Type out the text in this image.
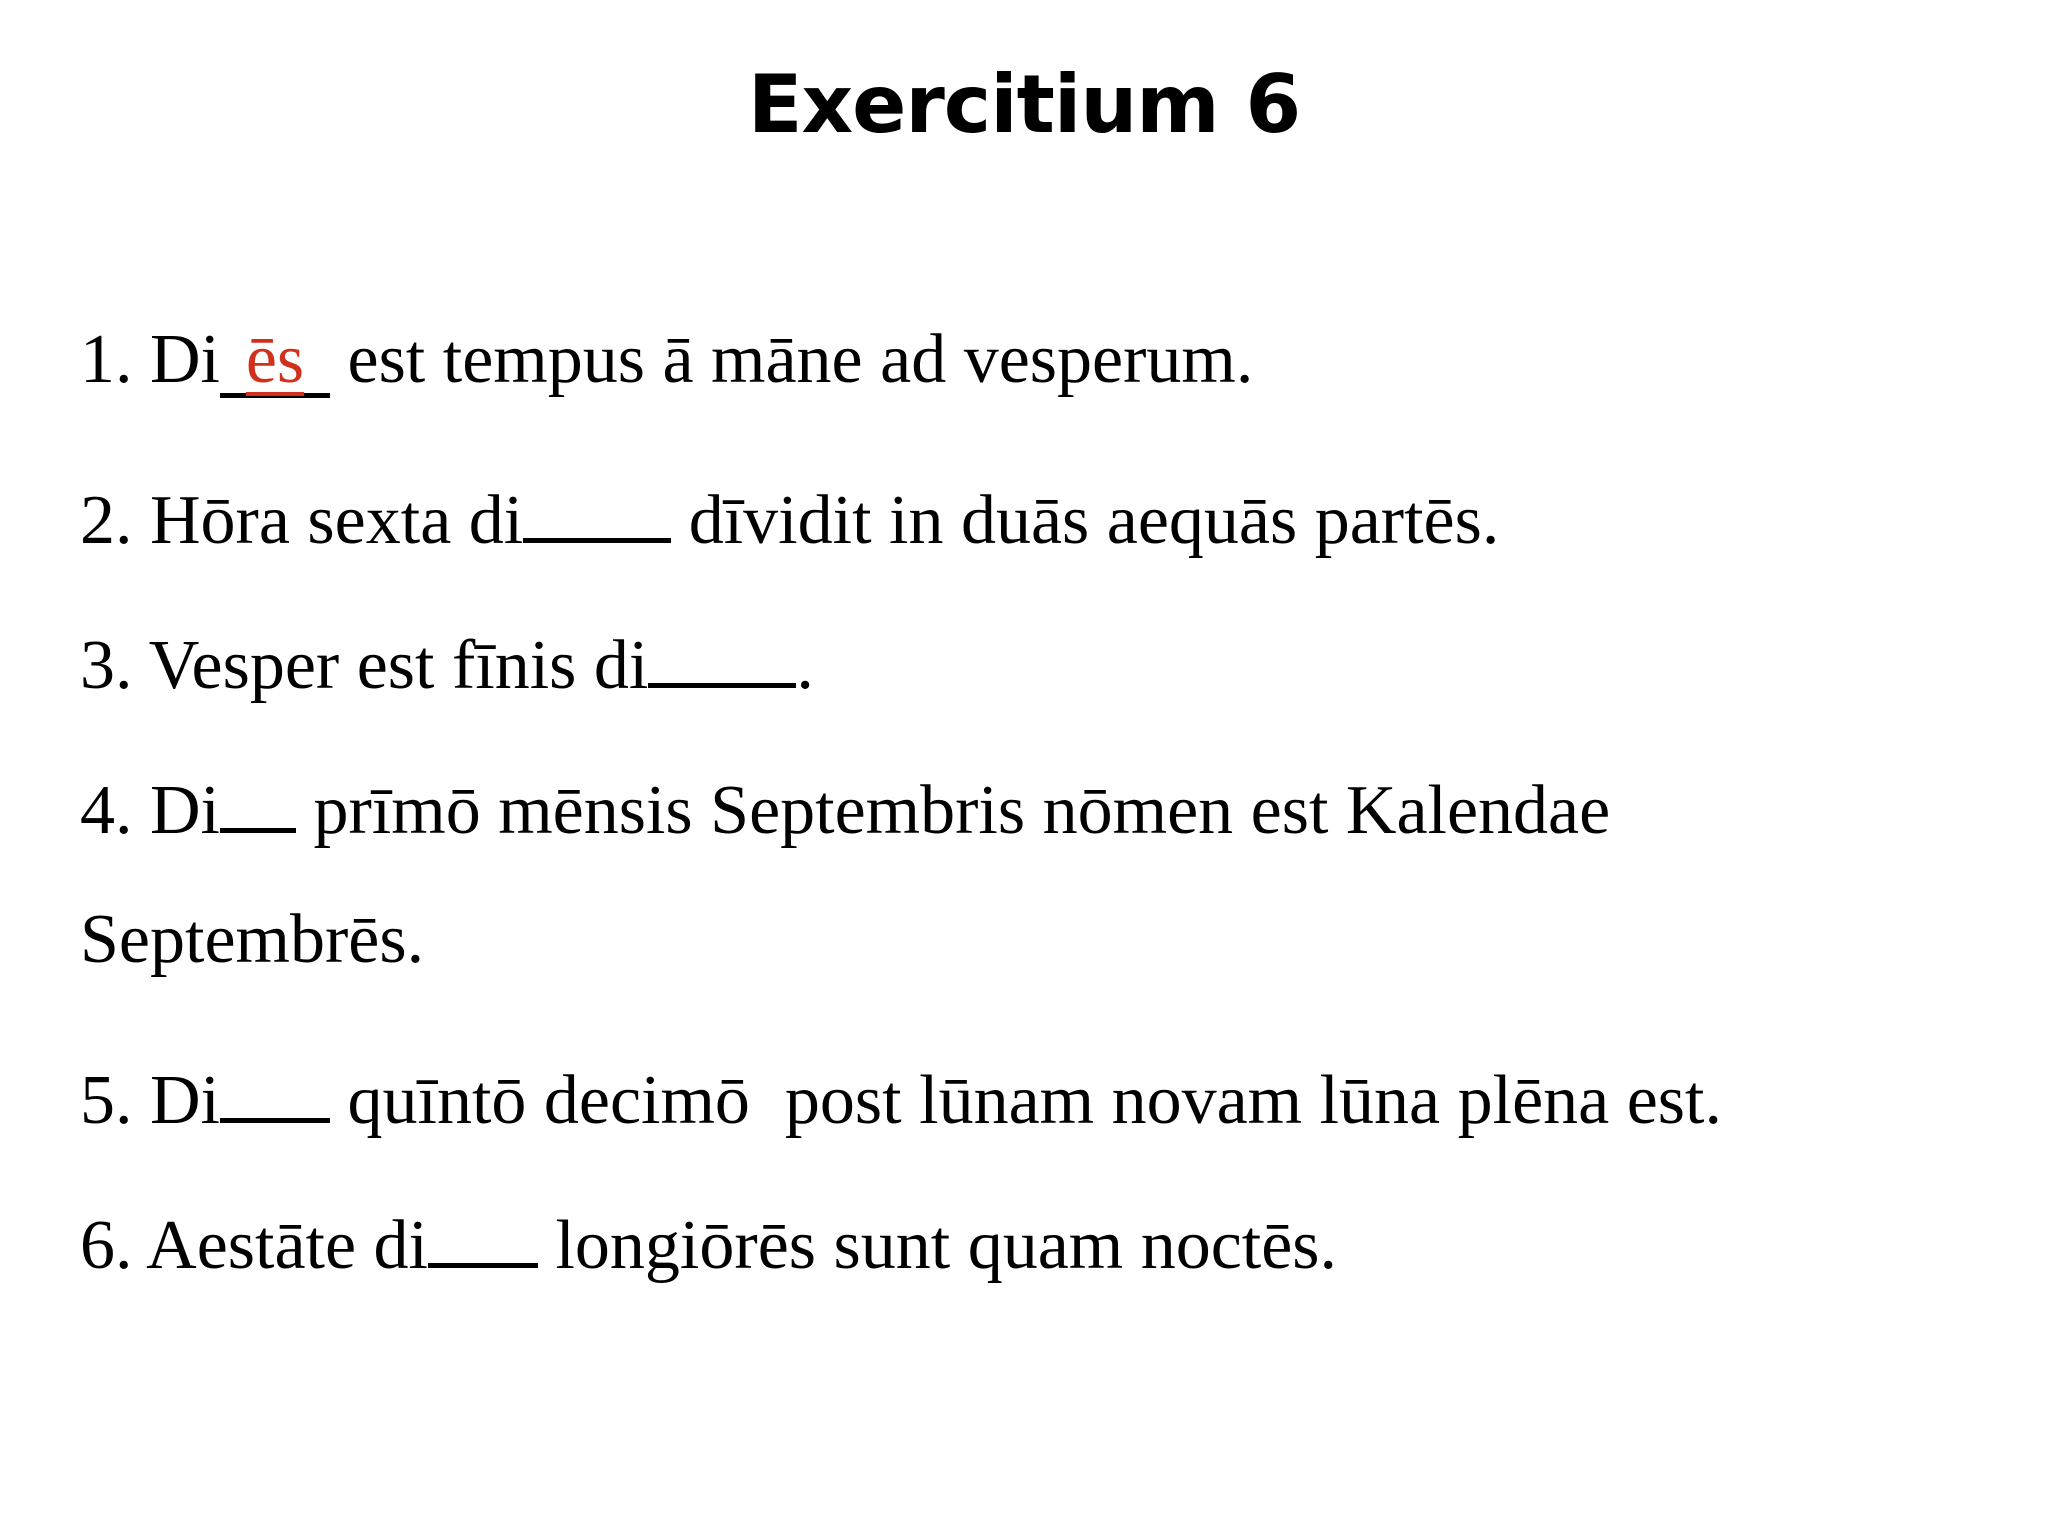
Exercitium 6
1. Di ēs est tempus ā māne ad vesperum.
2. Hōra sexta di dīvidit in duās aequās partēs.
3. Vesper est fīnis di .
4. Di prīmō mēnsis Septembris nōmen est Kalendae
Septembrēs.
5. Di quīntō decimō  post lūnam novam lūna plēna est.
6. Aestāte di longiōrēs sunt quam noctēs.
